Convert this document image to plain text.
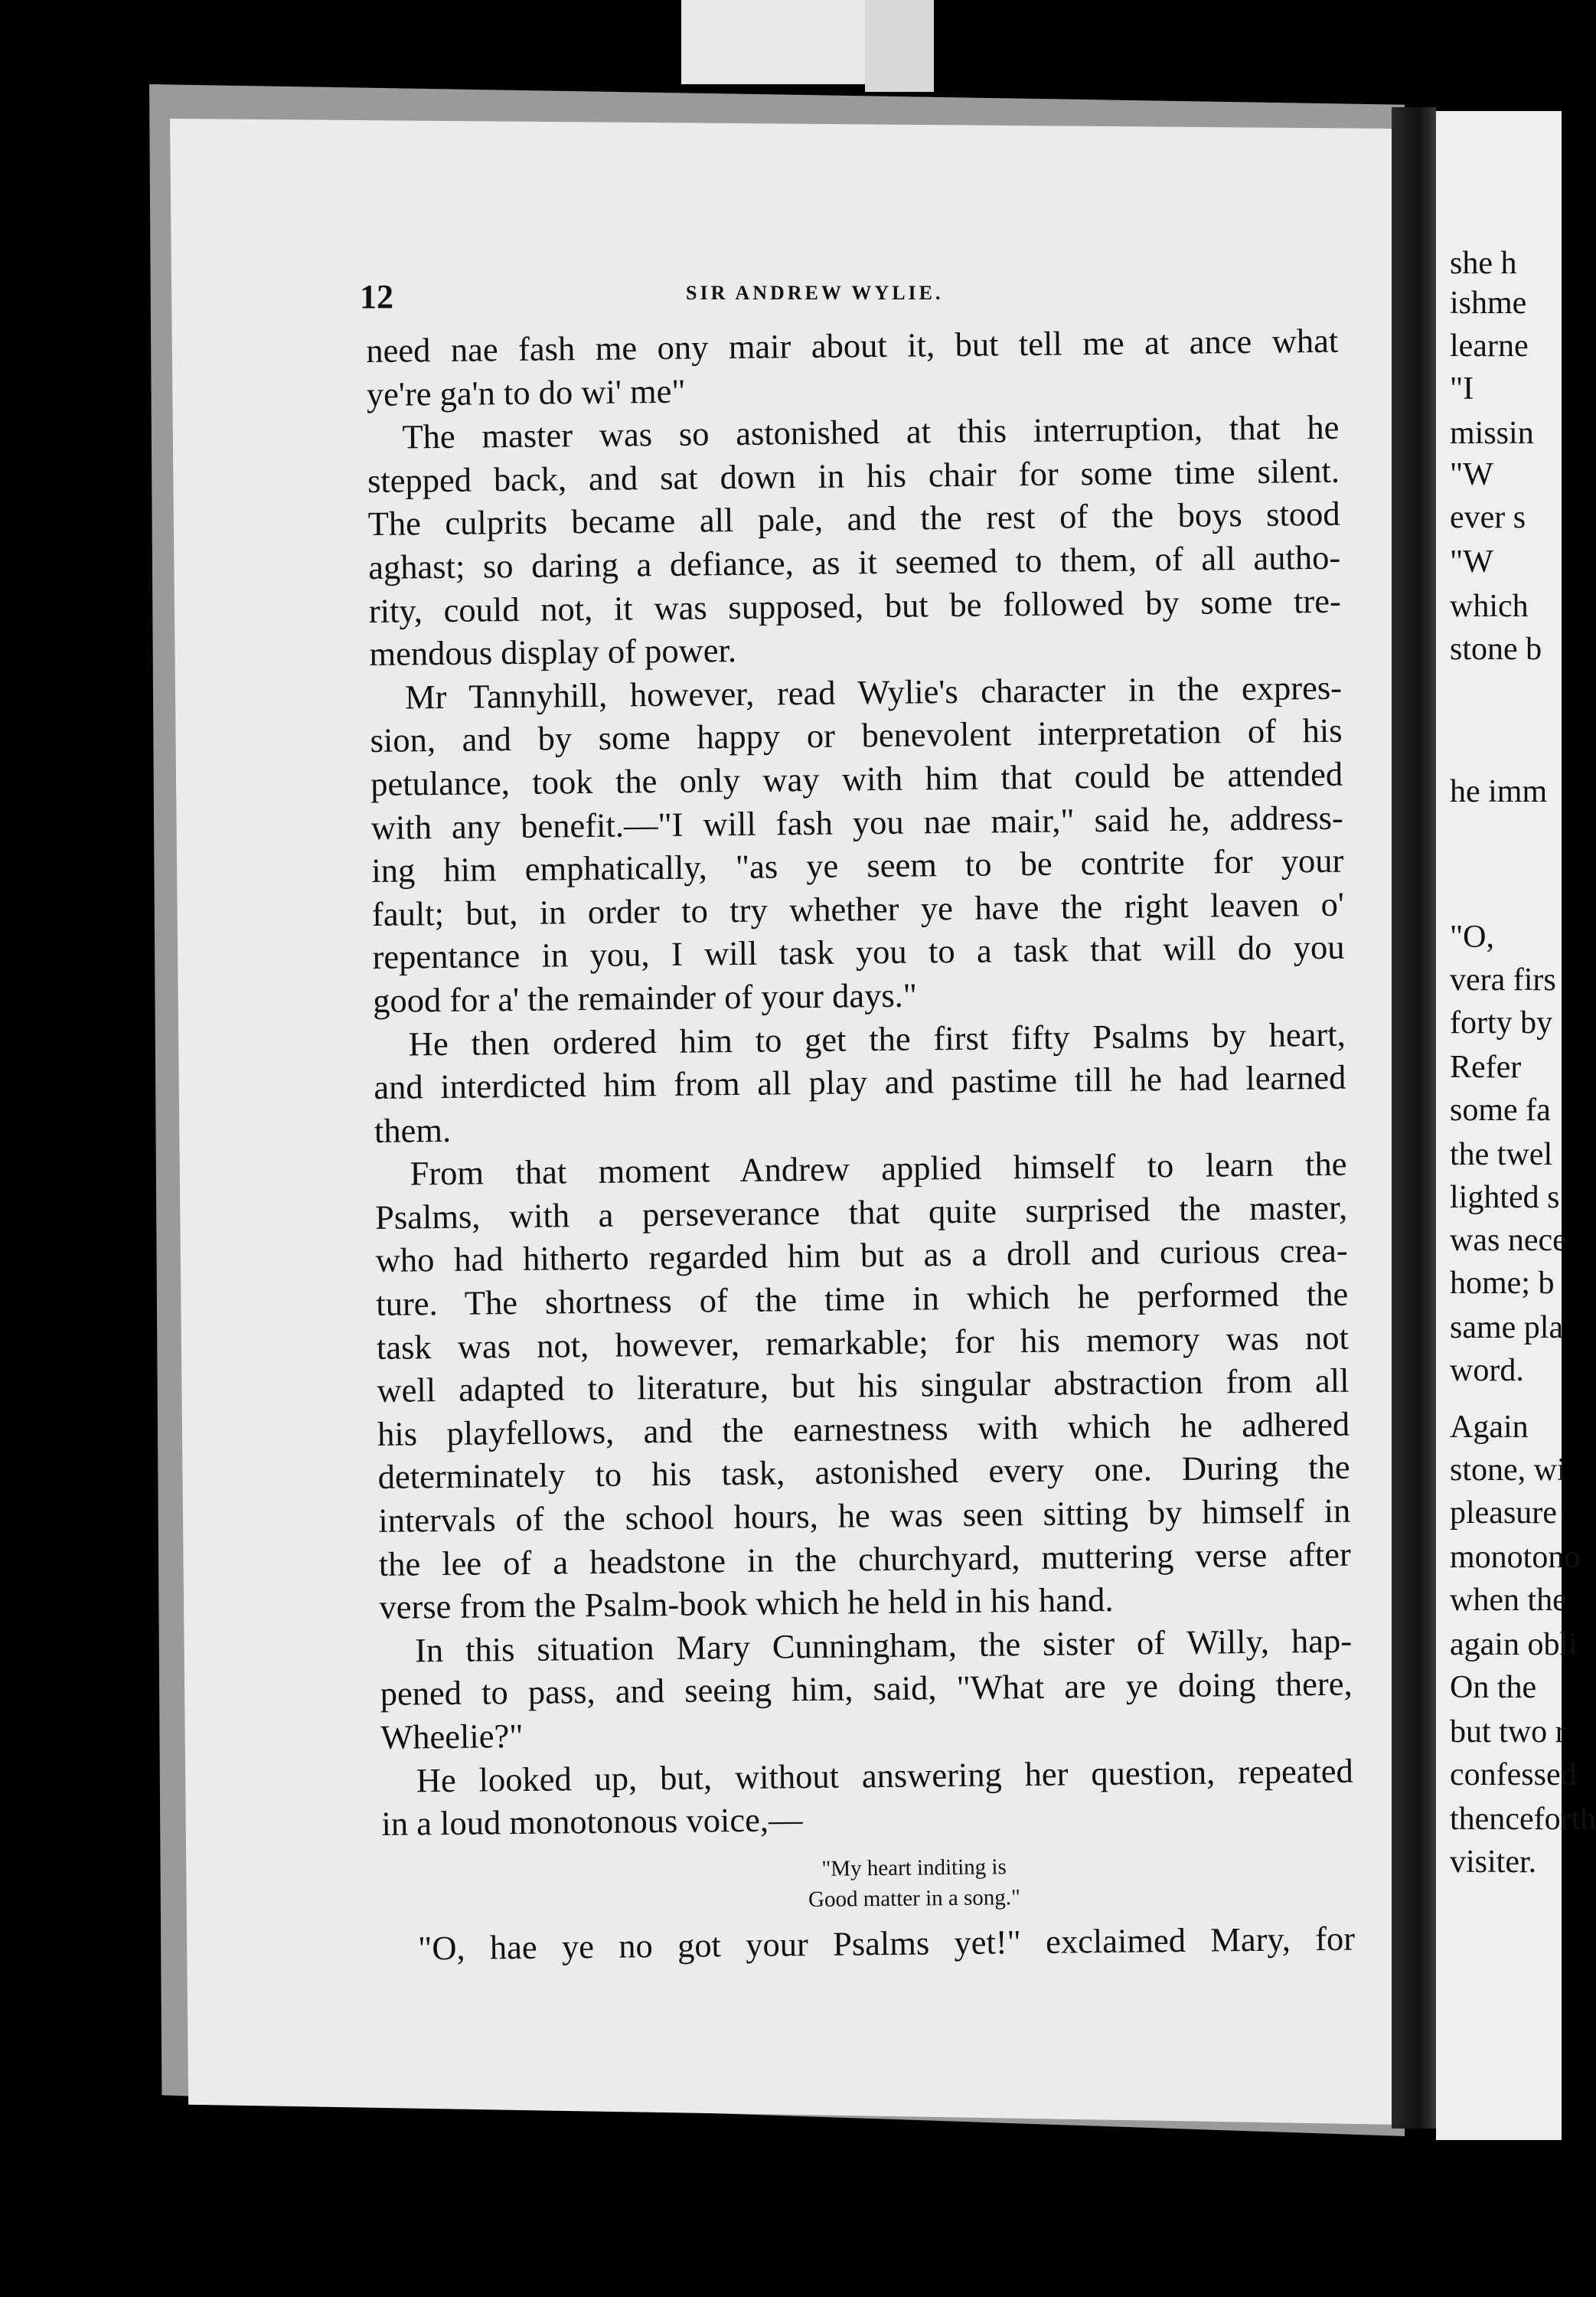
she h
ishme
learne
"I
missin
"W
ever s
"W
which
stone b
he imm
"O,
vera firs
forty by
Refer
some fa
the twel
lighted s
was nece
home; b
same pla
word.
Again
stone, wi
pleasure
monotono
when the
again obli
On the
but two r
confessed
thenceforth
visiter.
12	SIR ANDREW WYLIE.
need nae fash me ony mair about it, but tell me at ance what
ye're ga'n to do wi' me"
The master was so astonished at this interruption, that he
stepped back, and sat down in his chair for some time silent.
The culprits became all pale, and the rest of the boys stood
aghast; so daring a defiance, as it seemed to them, of all autho-
rity, could not, it was supposed, but be followed by some tre-
mendous display of power.
Mr Tannyhill, however, read Wylie's character in the expres-
sion, and by some happy or benevolent interpretation of his
petulance, took the only way with him that could be attended
with any benefit.—"I will fash you nae mair," said he, address-
ing him emphatically, "as ye seem to be contrite for your
fault; but, in order to try whether ye have the right leaven o'
repentance in you, I will task you to a task that will do you
good for a' the remainder of your days."
He then ordered him to get the first fifty Psalms by heart,
and interdicted him from all play and pastime till he had learned
them.
From that moment Andrew applied himself to learn the
Psalms, with a perseverance that quite surprised the master,
who had hitherto regarded him but as a droll and curious crea-
ture. The shortness of the time in which he performed the
task was not, however, remarkable; for his memory was not
well adapted to literature, but his singular abstraction from all
his playfellows, and the earnestness with which he adhered
determinately to his task, astonished every one. During the
intervals of the school hours, he was seen sitting by himself in
the lee of a headstone in the churchyard, muttering verse after
verse from the Psalm-book which he held in his hand.
In this situation Mary Cunningham, the sister of Willy, hap-
pened to pass, and seeing him, said, "What are ye doing there,
Wheelie?"
He looked up, but, without answering her question, repeated
in a loud monotonous voice,—
"My heart inditing is
Good matter in a song."
"O, hae ye no got your Psalms yet!" exclaimed Mary, for
